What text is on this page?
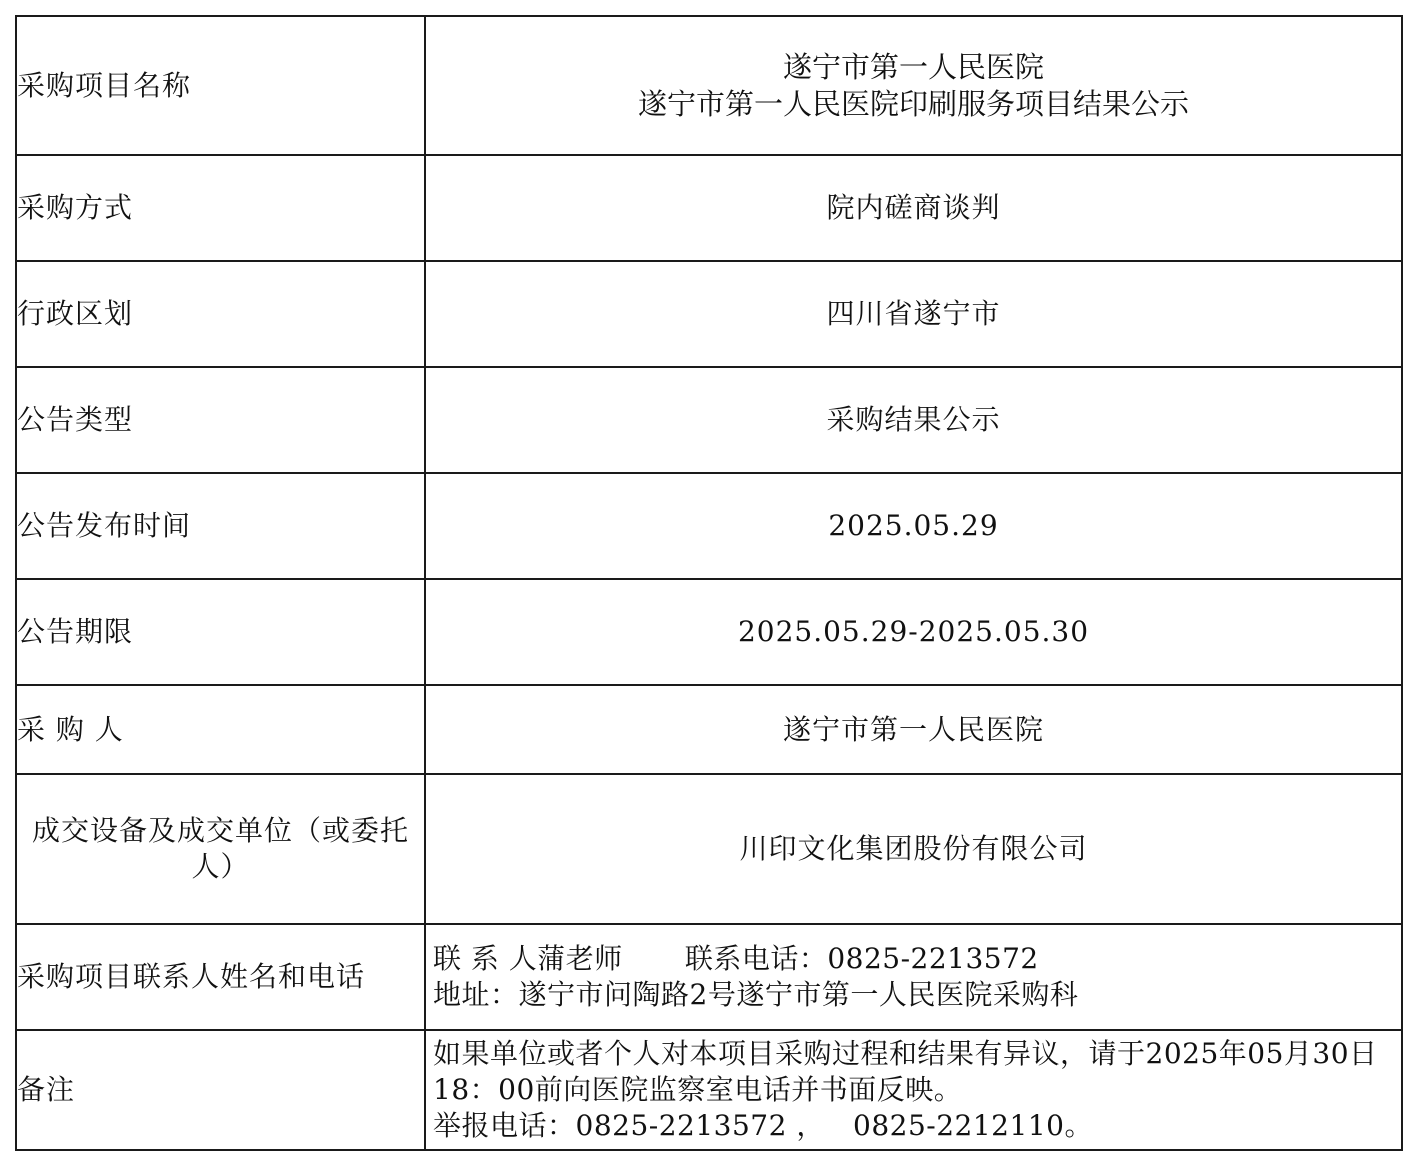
采购项目名称	遂宁市第一人民医院
遂宁市第一人民医院印刷服务项目结果公示

采购方式	院内磋商谈判
行政区划	四川省遂宁市
公告类型	采购结果公示
公告发布时间	2025.05.29
公告期限	2025.05.29-2025.05.30
采 购 人	遂宁市第一人民医院
成交设备及成交单位（或委托人）	川印文化集团股份有限公司
采购项目联系人姓名和电话	联 系 人蒲老师 联系电话：0825-2213572
地址：遂宁市问陶路2号遂宁市第一人民医院采购科

备注	如果单位或者个人对本项目采购过程和结果有异议，请于2025年05月30日18：00前向医院监察室电话并书面反映。
举报电话：0825-2213572 ，   0825-2212110。
